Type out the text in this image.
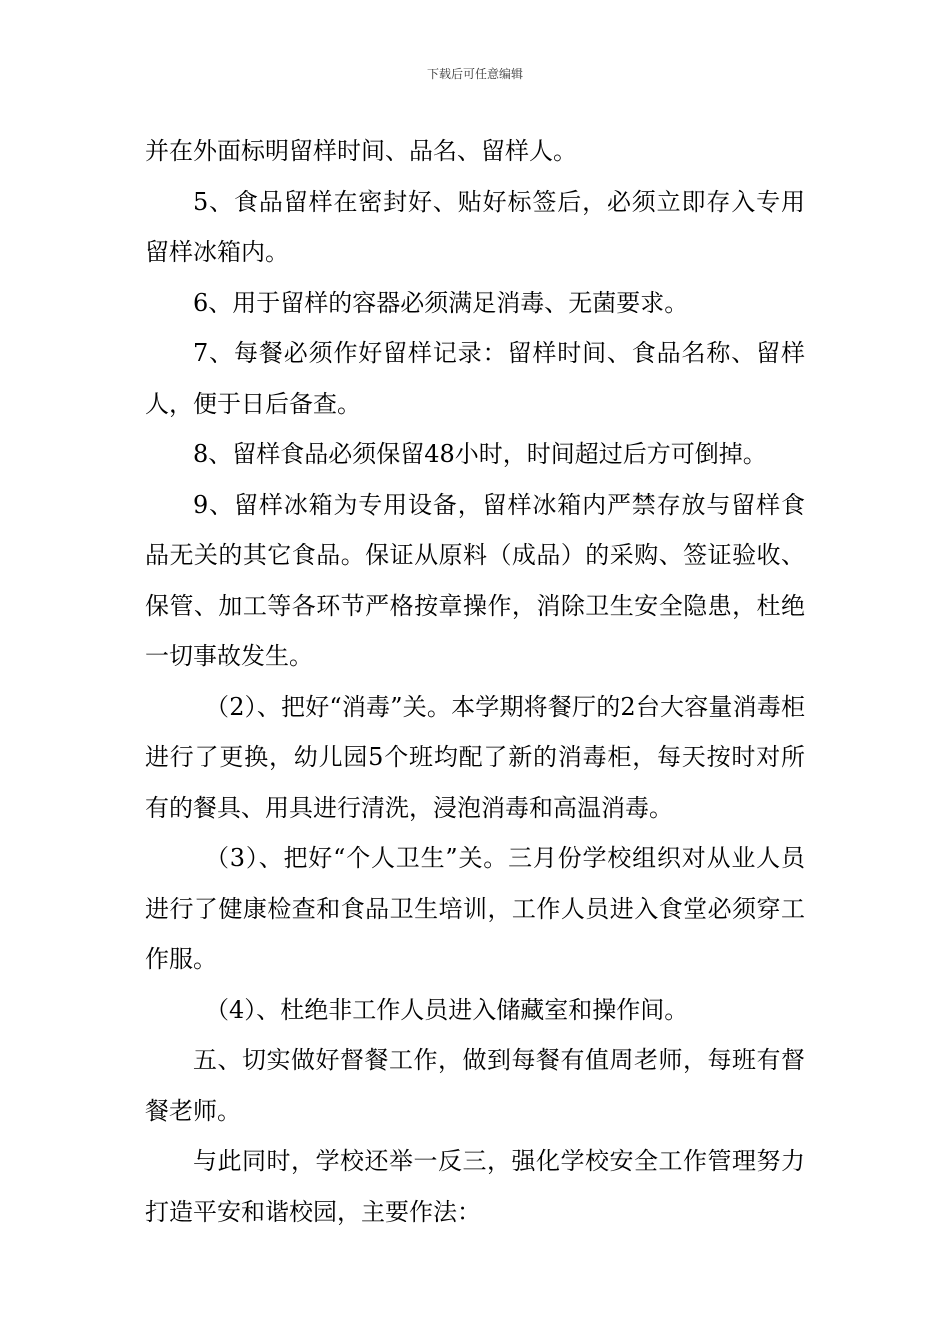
下载后可任意编辑

并在外面标明留样时间、品名、留样人。

5、食品留样在密封好、贴好标签后，必须立即存入专用留样冰箱内。

6、用于留样的容器必须满足消毒、无菌要求。

7、每餐必须作好留样记录：留样时间、食品名称、留样人，便于日后备查。

8、留样食品必须保留48小时，时间超过后方可倒掉。

9、留样冰箱为专用设备，留样冰箱内严禁存放与留样食品无关的其它食品。保证从原料（成品）的采购、签证验收、保管、加工等各环节严格按章操作，消除卫生安全隐患，杜绝一切事故发生。

（2）、把好“消毒”关。本学期将餐厅的2台大容量消毒柜进行了更换，幼儿园5个班均配了新的消毒柜，每天按时对所有的餐具、用具进行清洗，浸泡消毒和高温消毒。

（3）、把好“个人卫生”关。三月份学校组织对从业人员进行了健康检查和食品卫生培训，工作人员进入食堂必须穿工作服。

（4）、杜绝非工作人员进入储藏室和操作间。

五、切实做好督餐工作，做到每餐有值周老师，每班有督餐老师。

与此同时，学校还举一反三，强化学校安全工作管理努力打造平安和谐校园，主要作法：
